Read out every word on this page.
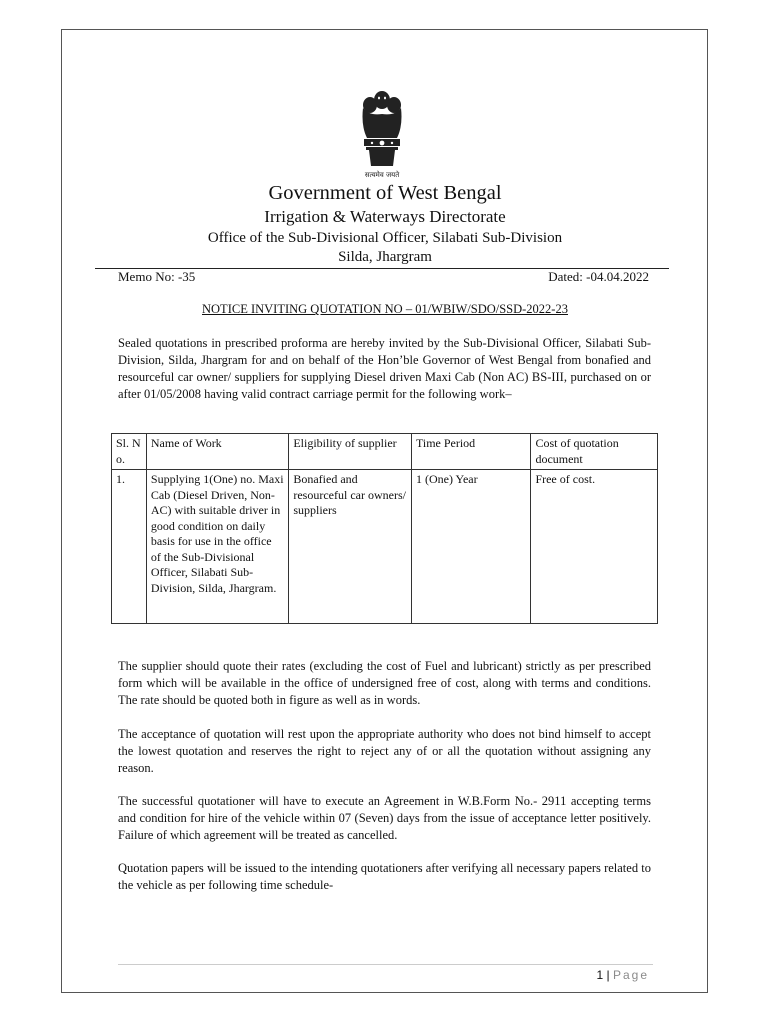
सत्यमेव जयते
Government of West Bengal
Irrigation & Waterways Directorate
Office of the Sub-Divisional Officer, Silabati Sub-Division
Silda, Jhargram
Memo No: -35	Dated: -04.04.2022
NOTICE INVITING QUOTATION NO – 01/WBIW/SDO/SSD-2022-23
Sealed quotations in prescribed proforma are hereby invited by the Sub-Divisional Officer, Silabati Sub-Division, Silda, Jhargram for and on behalf of the Hon’ble Governor of West Bengal from bonafied and resourceful car owner/ suppliers for supplying Diesel driven Maxi Cab (Non AC) BS-III, purchased on or after 01/05/2008 having valid contract carriage permit for the following work–
Sl. N o.	Name of Work	Eligibility of supplier	Time Period	Cost of quotation document
1.	Supplying 1(One) no. Maxi Cab (Diesel Driven, Non-AC) with suitable driver in good condition on daily basis for use in the office of the Sub-Divisional Officer, Silabati Sub-Division, Silda, Jhargram.	Bonafied and resourceful car owners/ suppliers	1 (One) Year	Free of cost.
The supplier should quote their rates (excluding the cost of Fuel and lubricant) strictly as per prescribed form which will be available in the office of undersigned free of cost, along with terms and conditions. The rate should be quoted both in figure as well as in words.
The acceptance of quotation will rest upon the appropriate authority who does not bind himself to accept the lowest quotation and reserves the right to reject any of or all the quotation without assigning any reason.
The successful quotationer will have to execute an Agreement in W.B.Form No.- 2911 accepting terms and condition for hire of the vehicle within 07 (Seven) days from the issue of acceptance letter positively. Failure of which agreement will be treated as cancelled.
Quotation papers will be issued to the intending quotationers after verifying all necessary papers related to the vehicle as per following time schedule-
1 | Page
